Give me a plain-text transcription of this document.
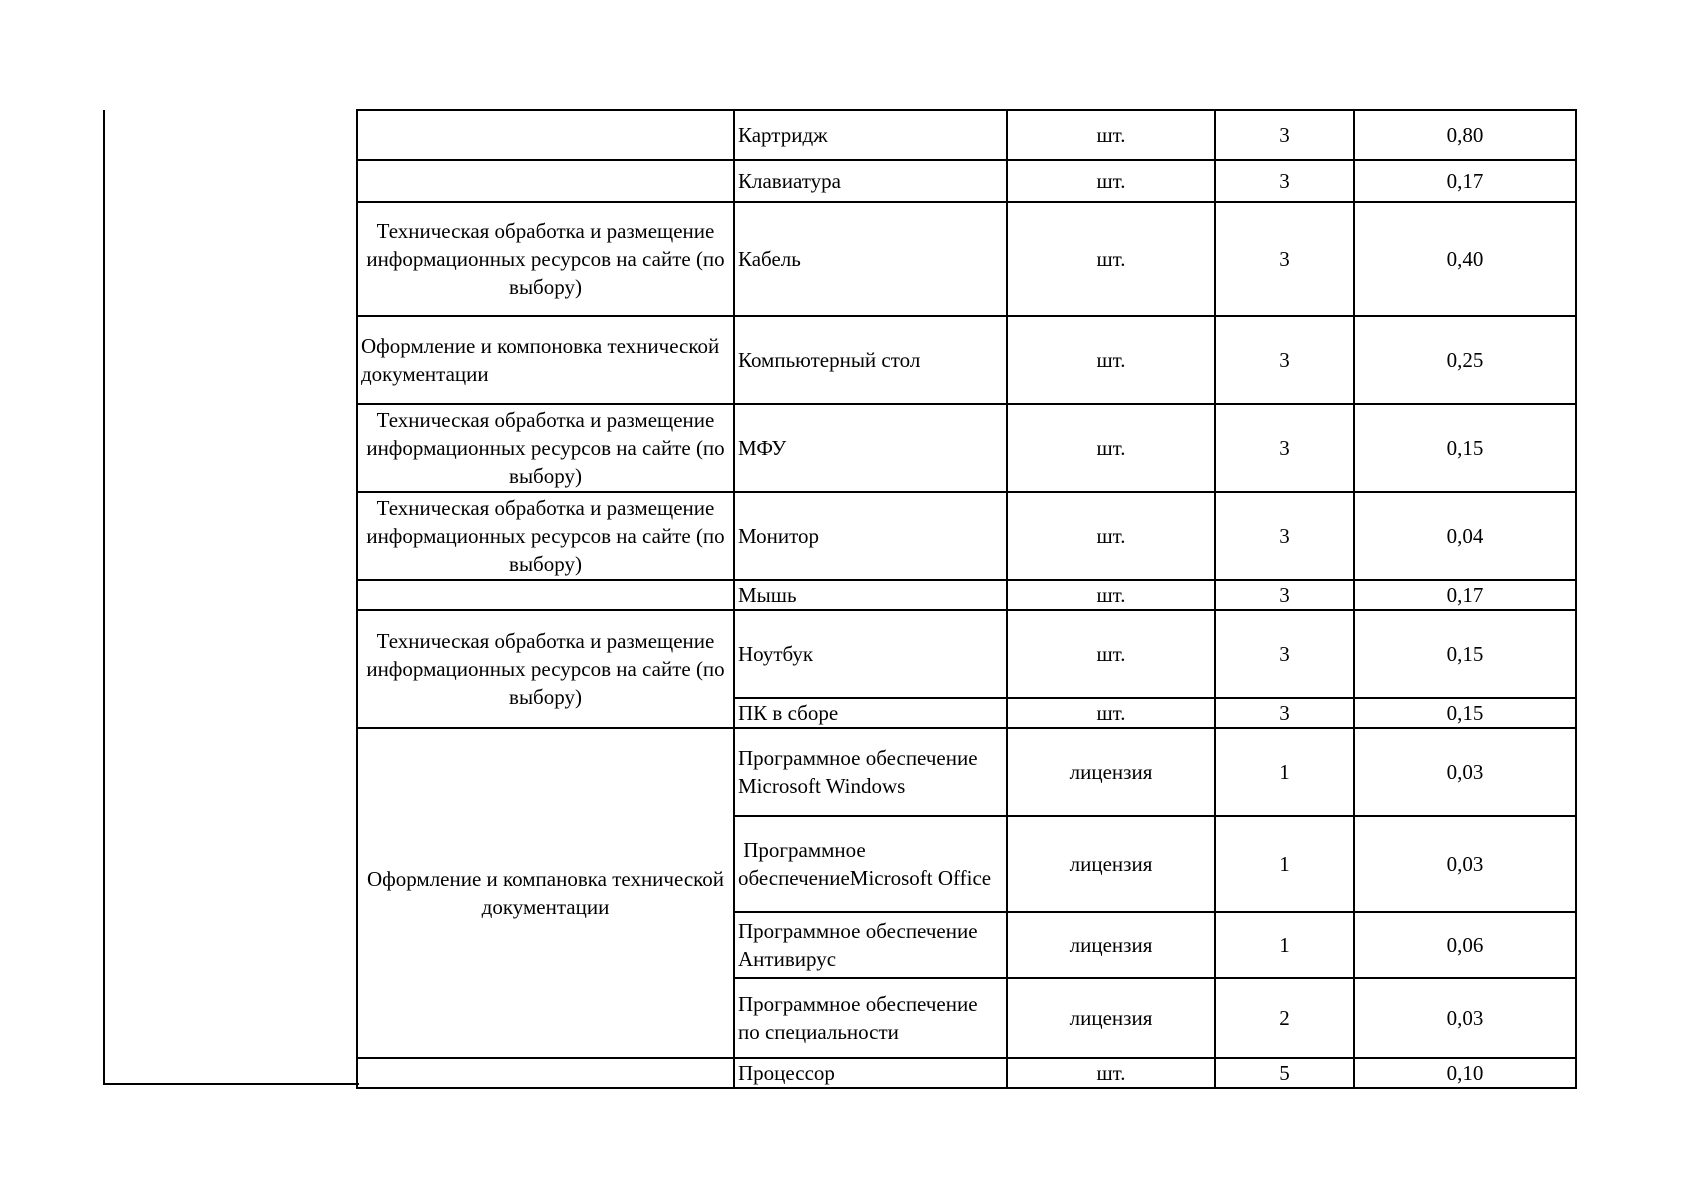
	Картридж	шт.	3	0,80
	Клавиатура	шт.	3	0,17
Техническая обработка и размещение информационных ресурсов на сайте (по выбору)	Кабель	шт.	3	0,40
Оформление и компоновка технической документации	Компьютерный стол	шт.	3	0,25
Техническая обработка и размещение информационных ресурсов на сайте (по выбору)	МФУ	шт.	3	0,15
Техническая обработка и размещение информационных ресурсов на сайте (по выбору)	Монитор	шт.	3	0,04
	Мышь	шт.	3	0,17
Техническая обработка и размещение информационных ресурсов на сайте (по выбору)	Ноутбук	шт.	3	0,15
	ПК в сборе	шт.	3	0,15
Оформление и компановка технической документации	Программное обеспечение Microsoft Windows	лицензия	1	0,03
	Программное обеспечениеMicrosoft Office	лицензия	1	0,03
	Программное обеспечение Антивирус	лицензия	1	0,06
	Программное обеспечение по специальности	лицензия	2	0,03
	Процессор	шт.	5	0,10
